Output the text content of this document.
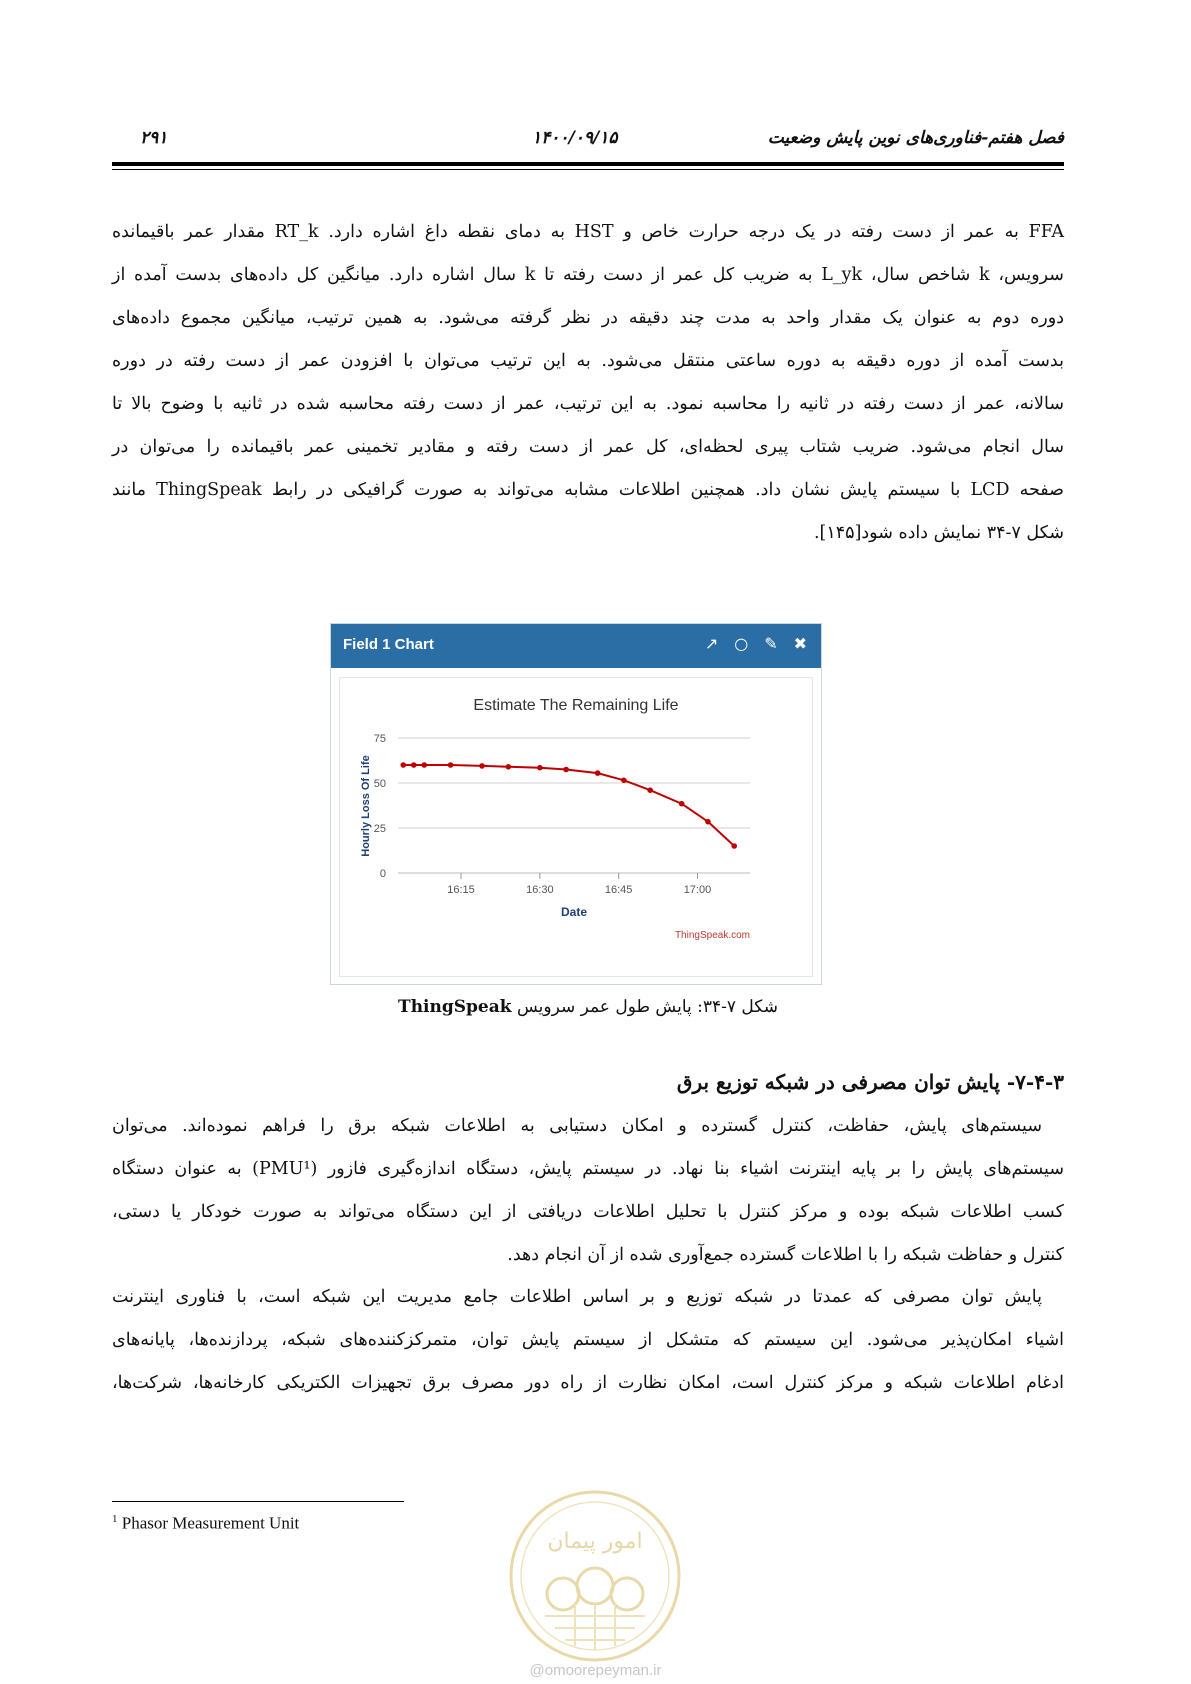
فصل هفتم-فناوری‌های نوین پایش وضعیت
۱۴۰۰/۰۹/۱۵
۲۹۱
FFA به عمر از دست رفته در یک درجه حرارت خاص و HST به دمای نقطه داغ اشاره دارد. RT_k مقدار عمر باقیمانده
سرویس، k شاخص سال، L_yk به ضریب کل عمر از دست رفته تا k سال اشاره دارد. میانگین کل داده‌های بدست آمده از
دوره دوم به عنوان یک مقدار واحد به مدت چند دقیقه در نظر گرفته می‌شود. به همین ترتیب، میانگین مجموع داده‌های
بدست آمده از دوره دقیقه به دوره ساعتی منتقل می‌شود. به این ترتیب می‌توان با افزودن عمر از دست رفته در دوره
سالانه، عمر از دست رفته در ثانیه را محاسبه نمود. به این ترتیب، عمر از دست رفته محاسبه شده در ثانیه با وضوح بالا تا
سال انجام می‌شود. ضریب شتاب پیری لحظه‌ای، کل عمر از دست رفته و مقادیر تخمینی عمر باقیمانده را می‌توان در
صفحه LCD با سیستم پایش نشان داد. همچنین اطلاعات مشابه می‌تواند به صورت گرافیکی در رابط ThingSpeak مانند
شکل ۷-۳۴ نمایش داده شود[۱۴۵].
Field 1 Chart	↗ ○ ✎ ✖
Estimate The Remaining Life
0
25
50
75
16:15	16:30	16:45	17:00
Date
Hourly Loss Of Life
ThingSpeak.com
شکل ۷-۳۴: پایش طول عمر سرویس ThingSpeak
۷-۴-۳- پایش توان مصرفی در شبکه توزیع برق
سیستم‌های پایش، حفاظت، کنترل گسترده و امکان دستیابی به اطلاعات شبکه برق را فراهم نموده‌اند. می‌توان
سیستم‌های پایش را بر پایه اینترنت اشیاء بنا نهاد. در سیستم پایش، دستگاه اندازه‌گیری فازور (PMU¹) به عنوان دستگاه
کسب اطلاعات شبکه بوده و مرکز کنترل با تحلیل اطلاعات دریافتی از این دستگاه می‌تواند به صورت خودکار یا دستی،
کنترل و حفاظت شبکه را با اطلاعات گسترده جمع‌آوری شده از آن انجام دهد.
پایش توان مصرفی که عمدتا در شبکه توزیع و بر اساس اطلاعات جامع مدیریت این شبکه است، با فناوری اینترنت
اشیاء امکان‌پذیر می‌شود. این سیستم که متشکل از سیستم پایش توان، متمرکزکننده‌های شبکه، پردازنده‌ها، پایانه‌های
ادغام اطلاعات شبکه و مرکز کنترل است، امکان نظارت از راه دور مصرف برق تجهیزات الکتریکی کارخانه‌ها، شرکت‌ها،
$^1$ Phasor Measurement Unit
امور پیمان
@omoorepeyman.ir
